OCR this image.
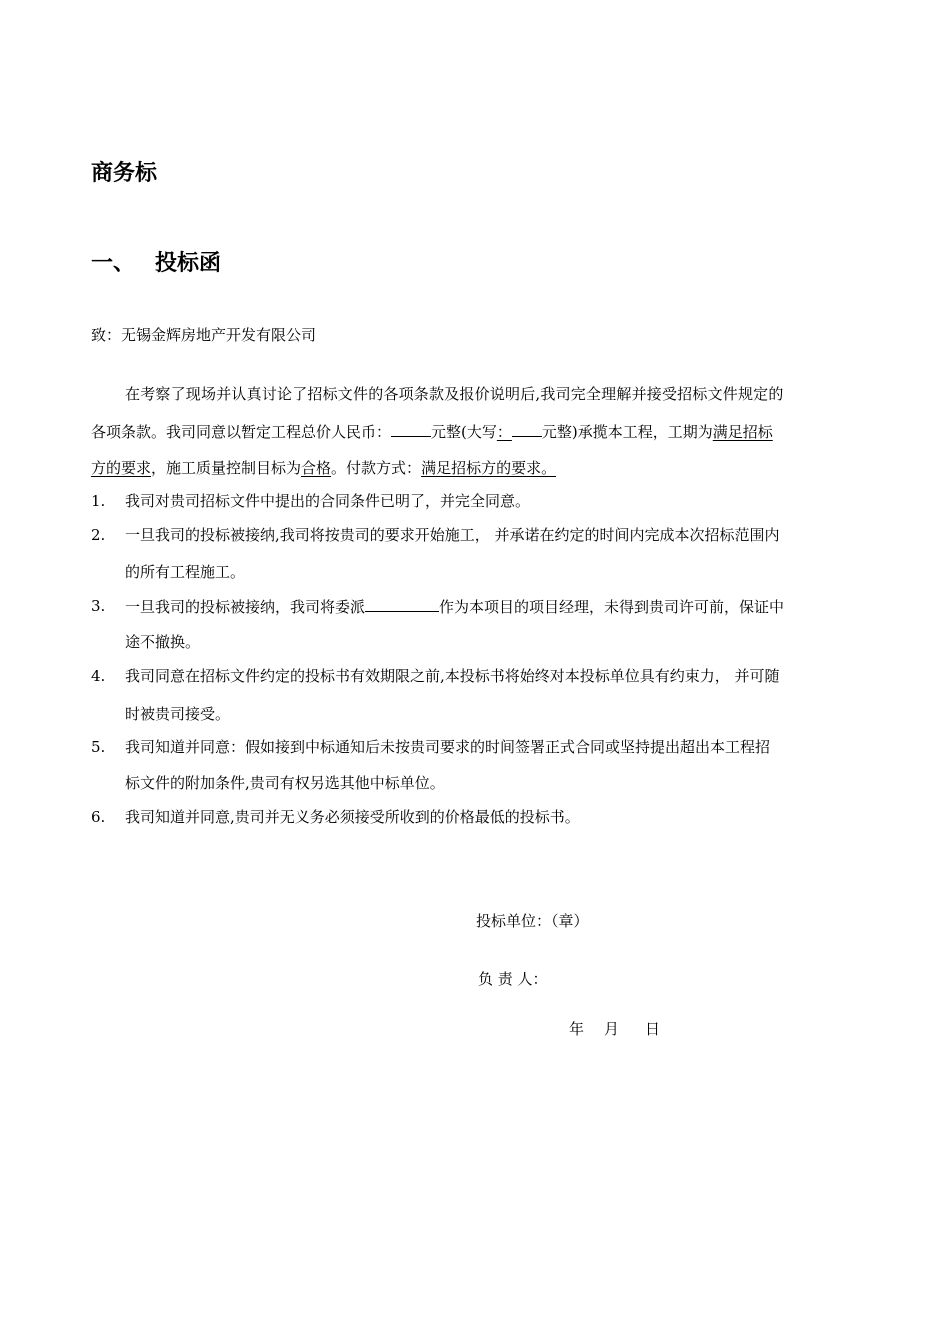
商务标
一、 投标函
致：无锡金辉房地产开发有限公司
在考察了现场并认真讨论了招标文件的各项条款及报价说明后,我司完全理解并接受招标文件规定的
各项条款。我司同意以暂定工程总价人民币：	元整(大写： 元整)承揽本工程，工期为满足招标
方的要求，施工质量控制目标为合格。付款方式：满足招标方的要求。
1. 我司对贵司招标文件中提出的合同条件已明了，并完全同意。
2. 一旦我司的投标被接纳,我司将按贵司的要求开始施工， 并承诺在约定的时间内完成本次招标范围内
的所有工程施工。
3. 一旦我司的投标被接纳，我司将委派	作为本项目的项目经理，未得到贵司许可前，保证中
途不撤换。
4. 我司同意在招标文件约定的投标书有效期限之前,本投标书将始终对本投标单位具有约束力， 并可随
时被贵司接受。
5. 我司知道并同意：假如接到中标通知后未按贵司要求的时间签署正式合同或坚持提出超出本工程招
标文件的附加条件,贵司有权另选其他中标单位。
6. 我司知道并同意,贵司并无义务必须接受所收到的价格最低的投标书。
投标单位：（章）
负 责 人：
年 月 日
